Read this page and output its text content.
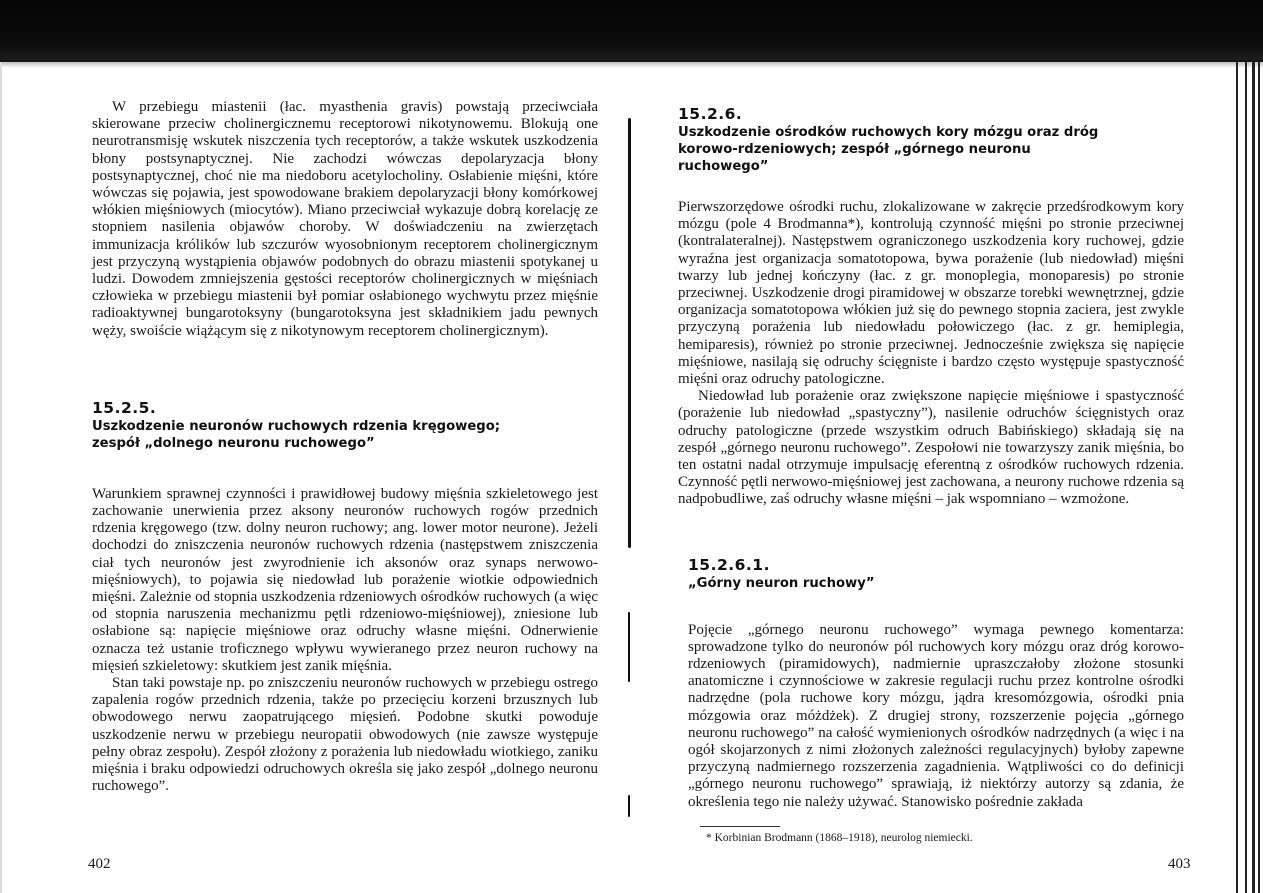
W przebiegu miastenii (łac. myasthenia gravis) powstają przeciwciała skierowane przeciw cholinergicznemu receptorowi nikotynowemu. Blokują one neurotransmisję wskutek niszczenia tych receptorów, a także wskutek uszkodzenia błony postsynaptycznej. Nie zachodzi wówczas depolaryzacja błony postsynaptycznej, choć nie ma niedoboru acetylocholiny. Osłabienie mięśni, które wówczas się pojawia, jest spowodowane brakiem depolaryzacji błony komórkowej włókien mięśniowych (miocytów). Miano przeciwciał wykazuje dobrą korelację ze stopniem nasilenia objawów choroby. W doświadczeniu na zwierzętach immunizacja królików lub szczurów wyosobnionym receptorem cholinergicznym jest przyczyną wystąpienia objawów podobnych do obrazu miastenii spotykanej u ludzi. Dowodem zmniejszenia gęstości receptorów cholinergicznych w mięśniach człowieka w przebiegu miastenii był pomiar osłabionego wychwytu przez mięśnie radioaktywnej bungarotoksyny (bungarotoksyna jest składnikiem jadu pewnych węży, swoiście wiążącym się z nikotynowym receptorem cholinergicznym).

15.2.5.
Uszkodzenie neuronów ruchowych rdzenia kręgowego; zespół „dolnego neuronu ruchowego”

Warunkiem sprawnej czynności i prawidłowej budowy mięśnia szkieletowego jest zachowanie unerwienia przez aksony neuronów ruchowych rogów przednich rdzenia kręgowego (tzw. dolny neuron ruchowy; ang. lower motor neurone). Jeżeli dochodzi do zniszczenia neuronów ruchowych rdzenia (następstwem zniszczenia ciał tych neuronów jest zwyrodnienie ich aksonów oraz synaps nerwowo-mięśniowych), to pojawia się niedowład lub porażenie wiotkie odpowiednich mięśni. Zależnie od stopnia uszkodzenia rdzeniowych ośrodków ruchowych (a więc od stopnia naruszenia mechanizmu pętli rdzeniowo-mięśniowej), zniesione lub osłabione są: napięcie mięśniowe oraz odruchy własne mięśni. Odnerwienie oznacza też ustanie troficznego wpływu wywieranego przez neuron ruchowy na mięsień szkieletowy: skutkiem jest zanik mięśnia.

Stan taki powstaje np. po zniszczeniu neuronów ruchowych w przebiegu ostrego zapalenia rogów przednich rdzenia, także po przecięciu korzeni brzusznych lub obwodowego nerwu zaopatrującego mięsień. Podobne skutki powoduje uszkodzenie nerwu w przebiegu neuropatii obwodowych (nie zawsze występuje pełny obraz zespołu). Zespół złożony z porażenia lub niedowładu wiotkiego, zaniku mięśnia i braku odpowiedzi odruchowych określa się jako zespół „dolnego neuronu ruchowego”.

402
15.2.6.
Uszkodzenie ośrodków ruchowych kory mózgu oraz dróg korowo-rdzeniowych; zespół „górnego neuronu ruchowego”

Pierwszorzędowe ośrodki ruchu, zlokalizowane w zakręcie przedśrodkowym kory mózgu (pole 4 Brodmanna*), kontrolują czynność mięśni po stronie przeciwnej (kontralateralnej). Następstwem ograniczonego uszkodzenia kory ruchowej, gdzie wyraźna jest organizacja somatotopowa, bywa porażenie (lub niedowład) mięśni twarzy lub jednej kończyny (łac. z gr. monoplegia, monoparesis) po stronie przeciwnej. Uszkodzenie drogi piramidowej w obszarze torebki wewnętrznej, gdzie organizacja somatotopowa włókien już się do pewnego stopnia zaciera, jest zwykle przyczyną porażenia lub niedowładu połowiczego (łac. z gr. hemiplegia, hemiparesis), również po stronie przeciwnej. Jednocześnie zwiększa się napięcie mięśniowe, nasilają się odruchy ścięgniste i bardzo często występuje spastyczność mięśni oraz odruchy patologiczne.

Niedowład lub porażenie oraz zwiększone napięcie mięśniowe i spastyczność (porażenie lub niedowład „spastyczny”), nasilenie odruchów ścięgnistych oraz odruchy patologiczne (przede wszystkim odruch Babińskiego) składają się na zespół „górnego neuronu ruchowego”. Zespołowi nie towarzyszy zanik mięśnia, bo ten ostatni nadal otrzymuje impulsację eferentną z ośrodków ruchowych rdzenia. Czynność pętli nerwowo-mięśniowej jest zachowana, a neurony ruchowe rdzenia są nadpobudliwe, zaś odruchy własne mięśni – jak wspomniano – wzmożone.

15.2.6.1.
„Górny neuron ruchowy”

Pojęcie „górnego neuronu ruchowego” wymaga pewnego komentarza: sprowadzone tylko do neuronów pól ruchowych kory mózgu oraz dróg korowo-rdzeniowych (piramidowych), nadmiernie upraszczałoby złożone stosunki anatomiczne i czynnościowe w zakresie regulacji ruchu przez kontrolne ośrodki nadrzędne (pola ruchowe kory mózgu, jądra kresomózgowia, ośrodki pnia mózgowia oraz móżdżek). Z drugiej strony, rozszerzenie pojęcia „górnego neuronu ruchowego” na całość wymienionych ośrodków nadrzędnych (a więc i na ogół skojarzonych z nimi złożonych zależności regulacyjnych) byłoby zapewne przyczyną nadmiernego rozszerzenia zagadnienia. Wątpliwości co do definicji „górnego neuronu ruchowego” sprawiają, iż niektórzy autorzy są zdania, że określenia tego nie należy używać. Stanowisko pośrednie zakłada

* Korbinian Brodmann (1868–1918), neurolog niemiecki.
403
